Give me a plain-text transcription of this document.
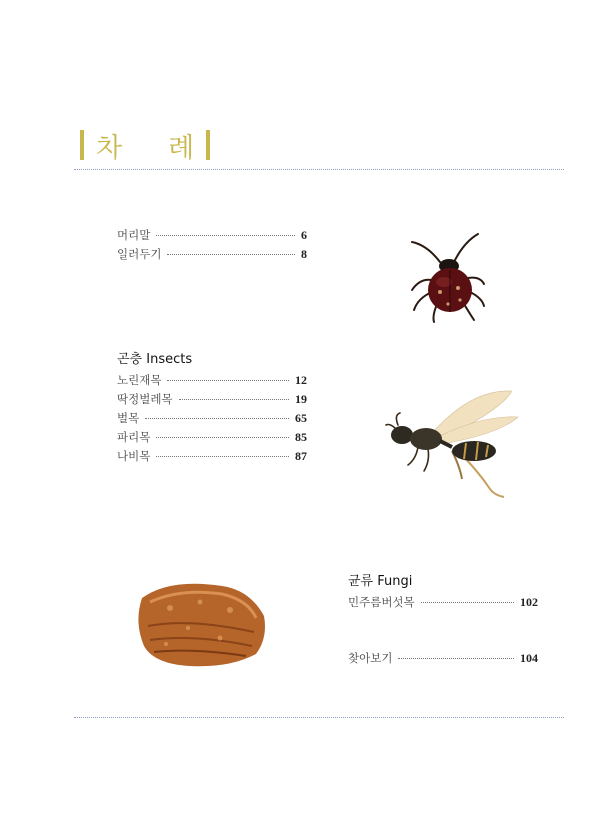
차 례
머리말	6
일러두기	8
곤충 Insects
노린재목	12
딱정벌레목	19
벌목	65
파리목	85
나비목	87
균류 Fungi
민주름버섯목	102
찾아보기	104
